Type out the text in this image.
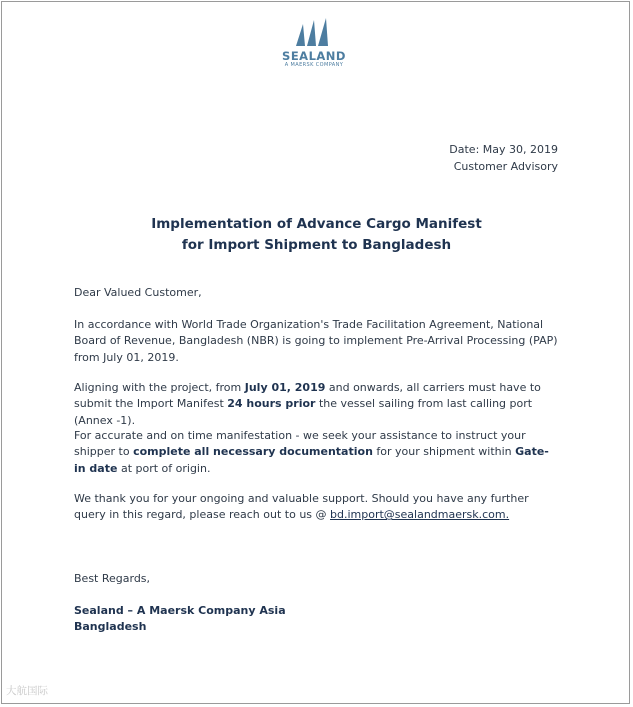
SEALAND
A MAERSK COMPANY
Date: May 30, 2019
Customer Advisory
Implementation of Advance Cargo Manifest
for Import Shipment to Bangladesh

Dear Valued Customer,

In accordance with World Trade Organization's Trade Facilitation Agreement, National Board of Revenue, Bangladesh (NBR) is going to implement Pre-Arrival Processing (PAP) from July 01, 2019.

Aligning with the project, from July 01, 2019 and onwards, all carriers must have to submit the Import Manifest 24 hours prior the vessel sailing from last calling port (Annex -1).

For accurate and on time manifestation - we seek your assistance to instruct your shipper to complete all necessary documentation for your shipment within Gate-in date at port of origin.

We thank you for your ongoing and valuable support. Should you have any further query in this regard, please reach out to us @ bd.import@sealandmaersk.com.

Best Regards,

Sealand – A Maersk Company Asia

Bangladesh

大航国际
